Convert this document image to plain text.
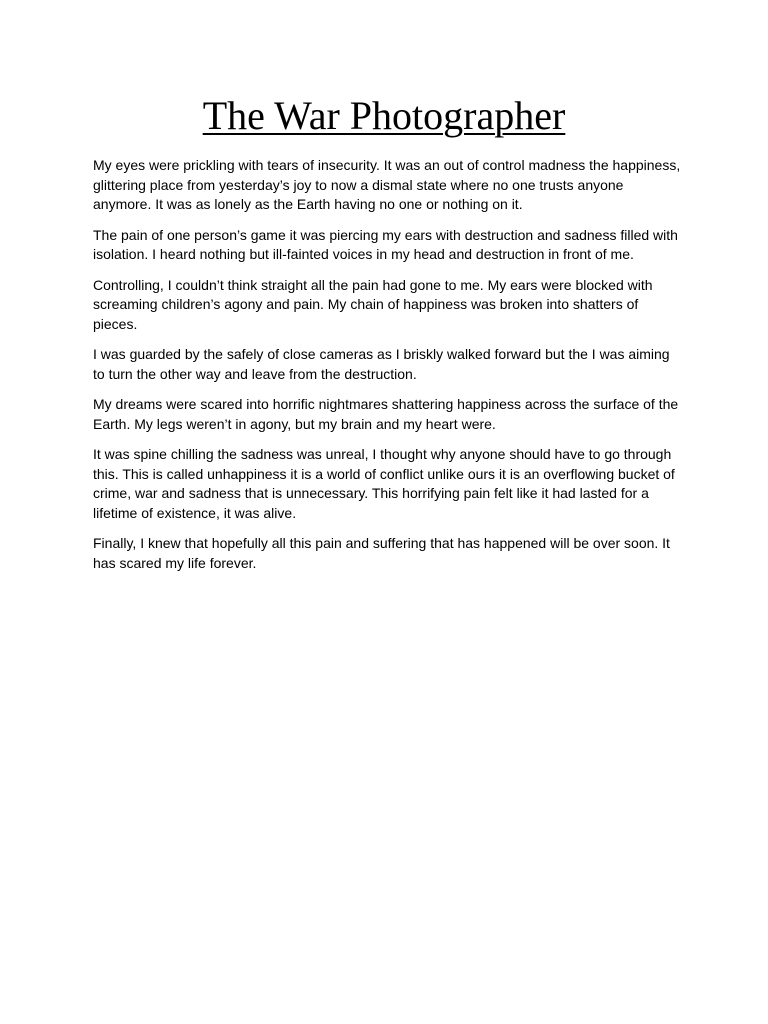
The War Photographer

My eyes were prickling with tears of insecurity. It was an out of control madness the happiness, glittering place from yesterday’s joy to now a dismal state where no one trusts anyone anymore. It was as lonely as the Earth having no one or nothing on it.

The pain of one person’s game it was piercing my ears with destruction and sadness filled with isolation. I heard nothing but ill-fainted voices in my head and destruction in front of me.

Controlling, I couldn’t think straight all the pain had gone to me. My ears were blocked with screaming children’s agony and pain. My chain of happiness was broken into shatters of pieces.

I was guarded by the safely of close cameras as I briskly walked forward but the I was aiming to turn the other way and leave from the destruction.

My dreams were scared into horrific nightmares shattering happiness across the surface of the Earth. My legs weren’t in agony, but my brain and my heart were.

It was spine chilling the sadness was unreal, I thought why anyone should have to go through this. This is called unhappiness it is a world of conflict unlike ours it is an overflowing bucket of crime, war and sadness that is unnecessary. This horrifying pain felt like it had lasted for a lifetime of existence, it was alive.

Finally, I knew that hopefully all this pain and suffering that has happened will be over soon. It has scared my life forever.
